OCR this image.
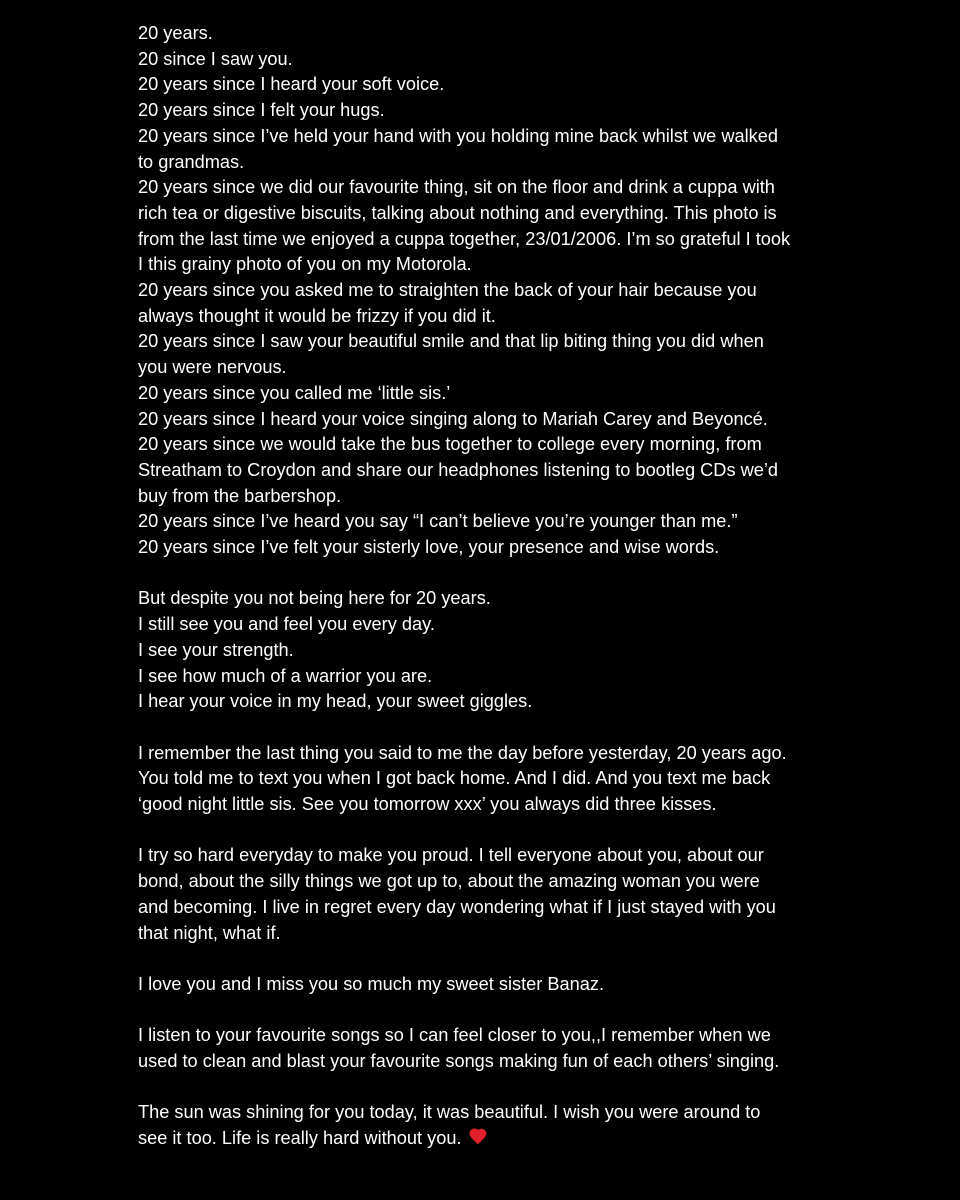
20 years.
20 since I saw you.
20 years since I heard your soft voice.
20 years since I felt your hugs.
20 years since I’ve held your hand with you holding mine back whilst we walked
to grandmas.
20 years since we did our favourite thing, sit on the floor and drink a cuppa with
rich tea or digestive biscuits, talking about nothing and everything. This photo is
from the last time we enjoyed a cuppa together, 23/01/2006. I’m so grateful I took
I this grainy photo of you on my Motorola.
20 years since you asked me to straighten the back of your hair because you
always thought it would be frizzy if you did it.
20 years since I saw your beautiful smile and that lip biting thing you did when
you were nervous.
20 years since you called me ‘little sis.’
20 years since I heard your voice singing along to Mariah Carey and Beyoncé.
20 years since we would take the bus together to college every morning, from
Streatham to Croydon and share our headphones listening to bootleg CDs we’d
buy from the barbershop.
20 years since I’ve heard you say “I can’t believe you’re younger than me.”
20 years since I’ve felt your sisterly love, your presence and wise words.
But despite you not being here for 20 years.
I still see you and feel you every day.
I see your strength.
I see how much of a warrior you are.
I hear your voice in my head, your sweet giggles.
I remember the last thing you said to me the day before yesterday, 20 years ago.
You told me to text you when I got back home. And I did. And you text me back
‘good night little sis. See you tomorrow xxx’ you always did three kisses.
I try so hard everyday to make you proud. I tell everyone about you, about our
bond, about the silly things we got up to, about the amazing woman you were
and becoming. I live in regret every day wondering what if I just stayed with you
that night, what if.
I love you and I miss you so much my sweet sister Banaz.
I listen to your favourite songs so I can feel closer to you,,I remember when we
used to clean and blast your favourite songs making fun of each others’ singing.
The sun was shining for you today, it was beautiful. I wish you were around to
see it too. Life is really hard without you.
